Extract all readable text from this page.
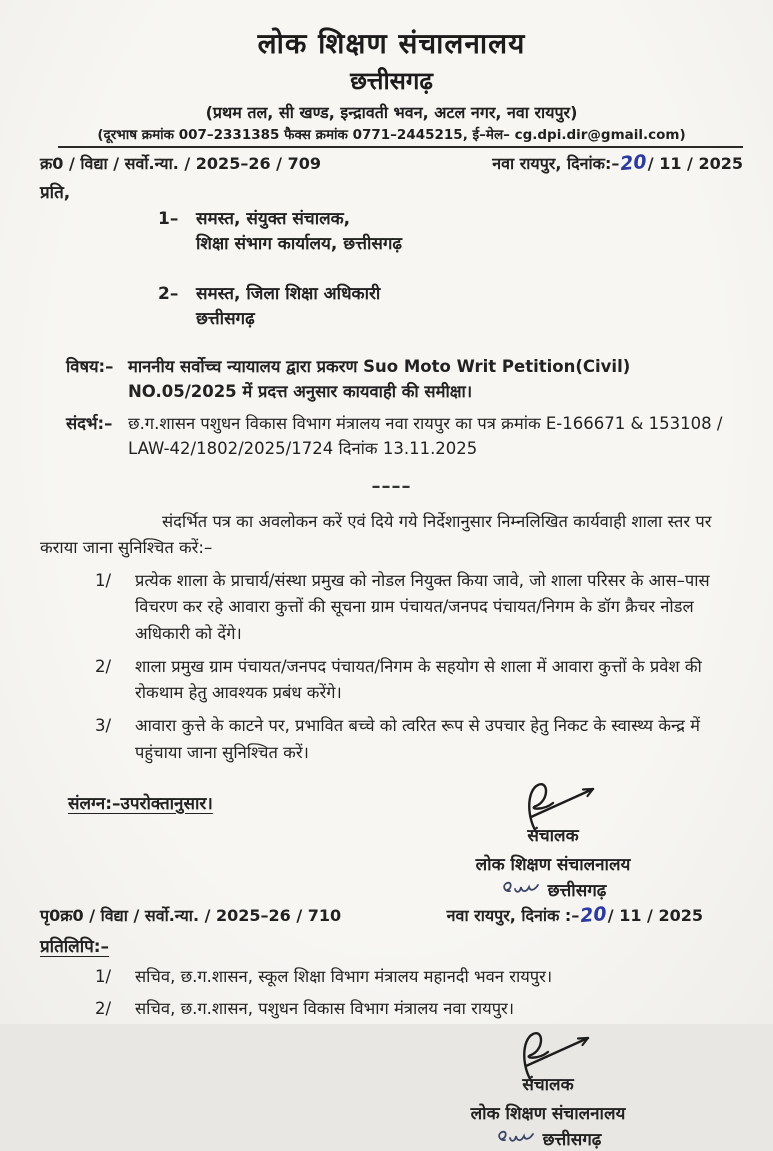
लोक शिक्षण संचालनालय
छत्तीसगढ़
(प्रथम तल, सी खण्ड, इन्द्रावती भवन, अटल नगर, नवा रायपुर)
(दूरभाष क्रमांक 007–2331385 फैक्स क्रमांक 0771–2445215, ई–मेल– cg.dpi.dir@gmail.com)
क्र0 / विद्या / सर्वो.न्या. / 2025–26 / 709	नवा रायपुर, दिनांक:–20/ 11 / 2025
प्रति,
1–	समस्त, संयुक्त संचालक,
शिक्षा संभाग कार्यालय, छत्तीसगढ़
2–	समस्त, जिला शिक्षा अधिकारी
छत्तीसगढ़
विषय:– माननीय सर्वोच्च न्यायालय द्वारा प्रकरण Suo Moto Writ Petition(Civil) NO.05/2025 में प्रदत्त अनुसार कायवाही की समीक्षा।
संदर्भ:– छ.ग.शासन पशुधन विकास विभाग मंत्रालय नवा रायपुर का पत्र क्रमांक E-166671 & 153108 / LAW-42/1802/2025/1724 दिनांक 13.11.2025
––––
संदर्भित पत्र का अवलोकन करें एवं दिये गये निर्देशानुसार निम्नलिखित कार्यवाही शाला स्तर पर कराया जाना सुनिश्चित करें:–
1/	प्रत्येक शाला के प्राचार्य/संस्था प्रमुख को नोडल नियुक्त किया जावे, जो शाला परिसर के आस–पास विचरण कर रहे आवारा कुत्तों की सूचना ग्राम पंचायत/जनपद पंचायत/निगम के डॉग क्रैचर नोडल अधिकारी को देंगे।
2/	शाला प्रमुख ग्राम पंचायत/जनपद पंचायत/निगम के सहयोग से शाला में आवारा कुत्तों के प्रवेश की रोकथाम हेतु आवश्यक प्रबंध करेंगे।
3/	आवारा कुत्ते के काटने पर, प्रभावित बच्चे को त्वरित रूप से उपचार हेतु निकट के स्वास्थ्य केन्द्र में पहुंचाया जाना सुनिश्चित करें।
संलग्न:–उपरोक्तानुसार।
संचालक
लोक शिक्षण संचालनालय
छत्तीसगढ़
पृ0क्र0 / विद्या / सर्वो.न्या. / 2025–26 / 710	नवा रायपुर, दिनांक :–20/ 11 / 2025
प्रतिलिपि:–
1/	सचिव, छ.ग.शासन, स्कूल शिक्षा विभाग मंत्रालय महानदी भवन रायपुर।
2/	सचिव, छ.ग.शासन, पशुधन विकास विभाग मंत्रालय नवा रायपुर।
संचालक
लोक शिक्षण संचालनालय
छत्तीसगढ़
